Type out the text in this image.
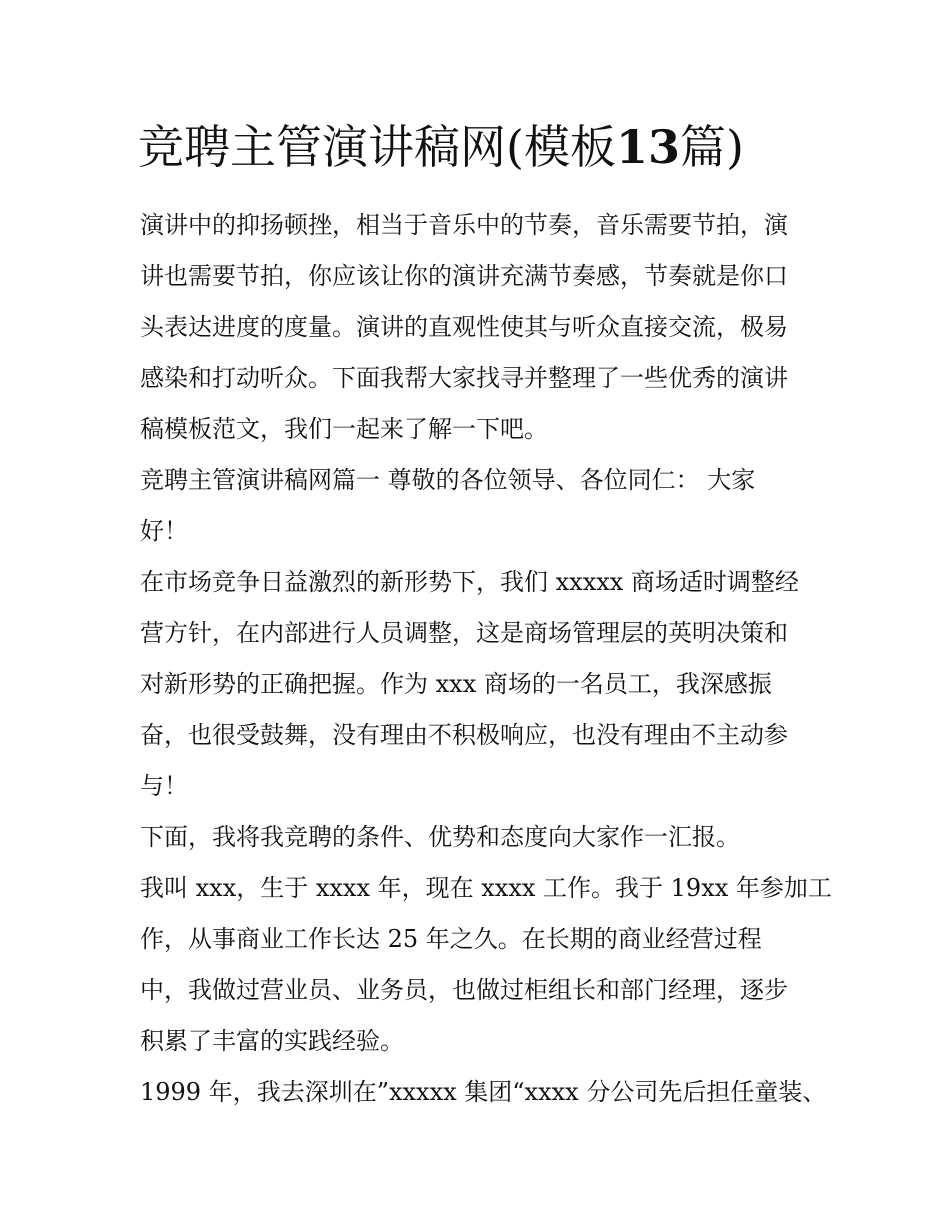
竞聘主管演讲稿网(模板13篇)
演讲中的抑扬顿挫，相当于音乐中的节奏，音乐需要节拍，演
讲也需要节拍，你应该让你的演讲充满节奏感，节奏就是你口
头表达进度的度量。演讲的直观性使其与听众直接交流，极易
感染和打动听众。下面我帮大家找寻并整理了一些优秀的演讲
稿模板范文，我们一起来了解一下吧。
竞聘主管演讲稿网篇一 尊敬的各位领导、各位同仁： 大家
好！
在市场竞争日益激烈的新形势下，我们 xxxxx 商场适时调整经
营方针，在内部进行人员调整，这是商场管理层的英明决策和
对新形势的正确把握。作为 xxx 商场的一名员工，我深感振
奋，也很受鼓舞，没有理由不积极响应，也没有理由不主动参
与！
下面，我将我竞聘的条件、优势和态度向大家作一汇报。
我叫 xxx，生于 xxxx 年，现在 xxxx 工作。我于 19xx 年参加工
作，从事商业工作长达 25 年之久。在长期的商业经营过程
中，我做过营业员、业务员，也做过柜组长和部门经理，逐步
积累了丰富的实践经验。
1999 年，我去深圳在”xxxxx 集团“xxxx 分公司先后担任童装、
